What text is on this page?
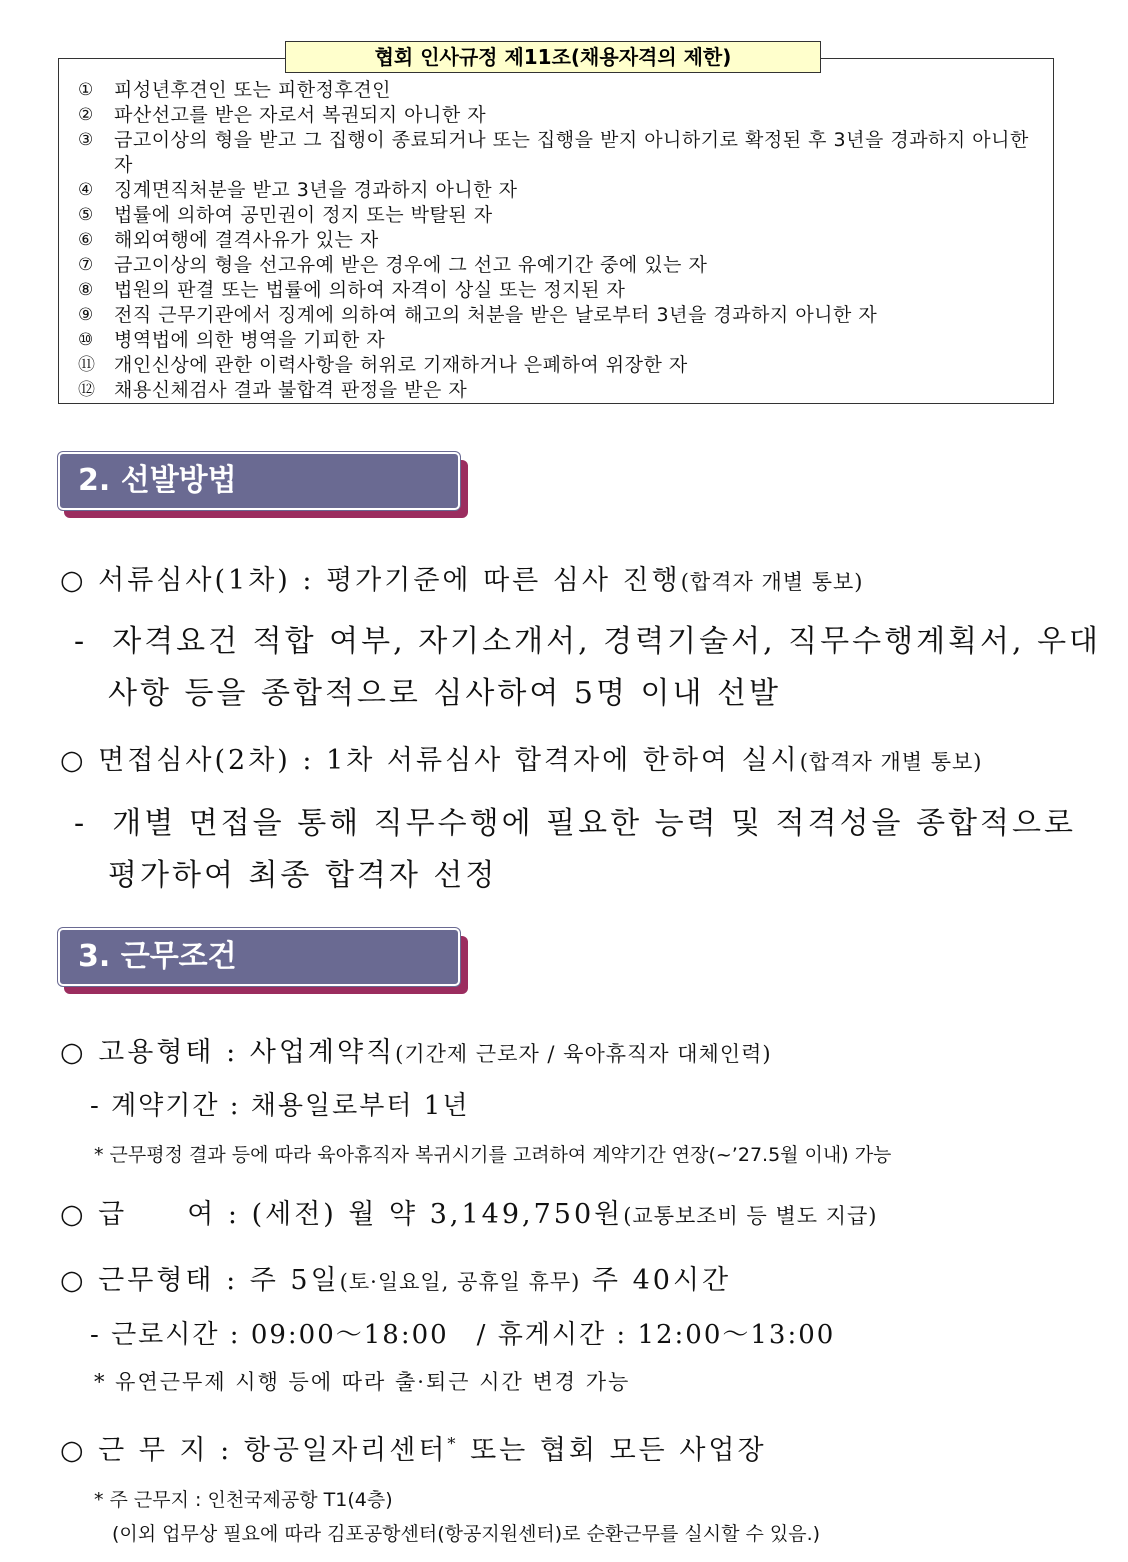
협회 인사규정 제11조(채용자격의 제한)
①	피성년후견인 또는 피한정후견인
②	파산선고를 받은 자로서 복권되지 아니한 자
③	금고이상의 형을 받고 그 집행이 종료되거나 또는 집행을 받지 아니하기로 확정된 후 3년을 경과하지 아니한 자
④	징계면직처분을 받고 3년을 경과하지 아니한 자
⑤	법률에 의하여 공민권이 정지 또는 박탈된 자
⑥	해외여행에 결격사유가 있는 자
⑦	금고이상의 형을 선고유예 받은 경우에 그 선고 유예기간 중에 있는 자
⑧	법원의 판결 또는 법률에 의하여 자격이 상실 또는 정지된 자
⑨	전직 근무기관에서 징계에 의하여 해고의 처분을 받은 날로부터 3년을 경과하지 아니한 자
⑩	병역법에 의한 병역을 기피한 자
⑪ 개인신상에 관한 이력사항을 허위로 기재하거나 은폐하여 위장한 자
⑫ 채용신체검사 결과 불합격 판정을 받은 자
2. 선발방법
○ 서류심사(1차) : 평가기준에 따른 심사 진행(합격자 개별 통보)
- 자격요건 적합 여부, 자기소개서, 경력기술서, 직무수행계획서, 우대
사항 등을 종합적으로 심사하여 5명 이내 선발
○ 면접심사(2차) : 1차 서류심사 합격자에 한하여 실시(합격자 개별 통보)
- 개별 면접을 통해 직무수행에 필요한 능력 및 적격성을 종합적으로
평가하여 최종 합격자 선정
3. 근무조건
○ 고용형태 : 사업계약직(기간제 근로자 / 육아휴직자 대체인력)
- 계약기간 : 채용일로부터 1년
* 근무평정 결과 등에 따라 육아휴직자 복귀시기를 고려하여 계약기간 연장(~’27.5월 이내) 가능
○ 급　　여 : (세전) 월 약 3,149,750원(교통보조비 등 별도 지급)
○ 근무형태 : 주 5일(토·일요일, 공휴일 휴무) 주 40시간
- 근로시간 : 09:00～18:00　/ 휴게시간 : 12:00～13:00
* 유연근무제 시행 등에 따라 출·퇴근 시간 변경 가능
○ 근 무 지 : 항공일자리센터* 또는 협회 모든 사업장
* 주 근무지 : 인천국제공항 T1(4층)
(이외 업무상 필요에 따라 김포공항센터(항공지원센터)로 순환근무를 실시할 수 있음.)
